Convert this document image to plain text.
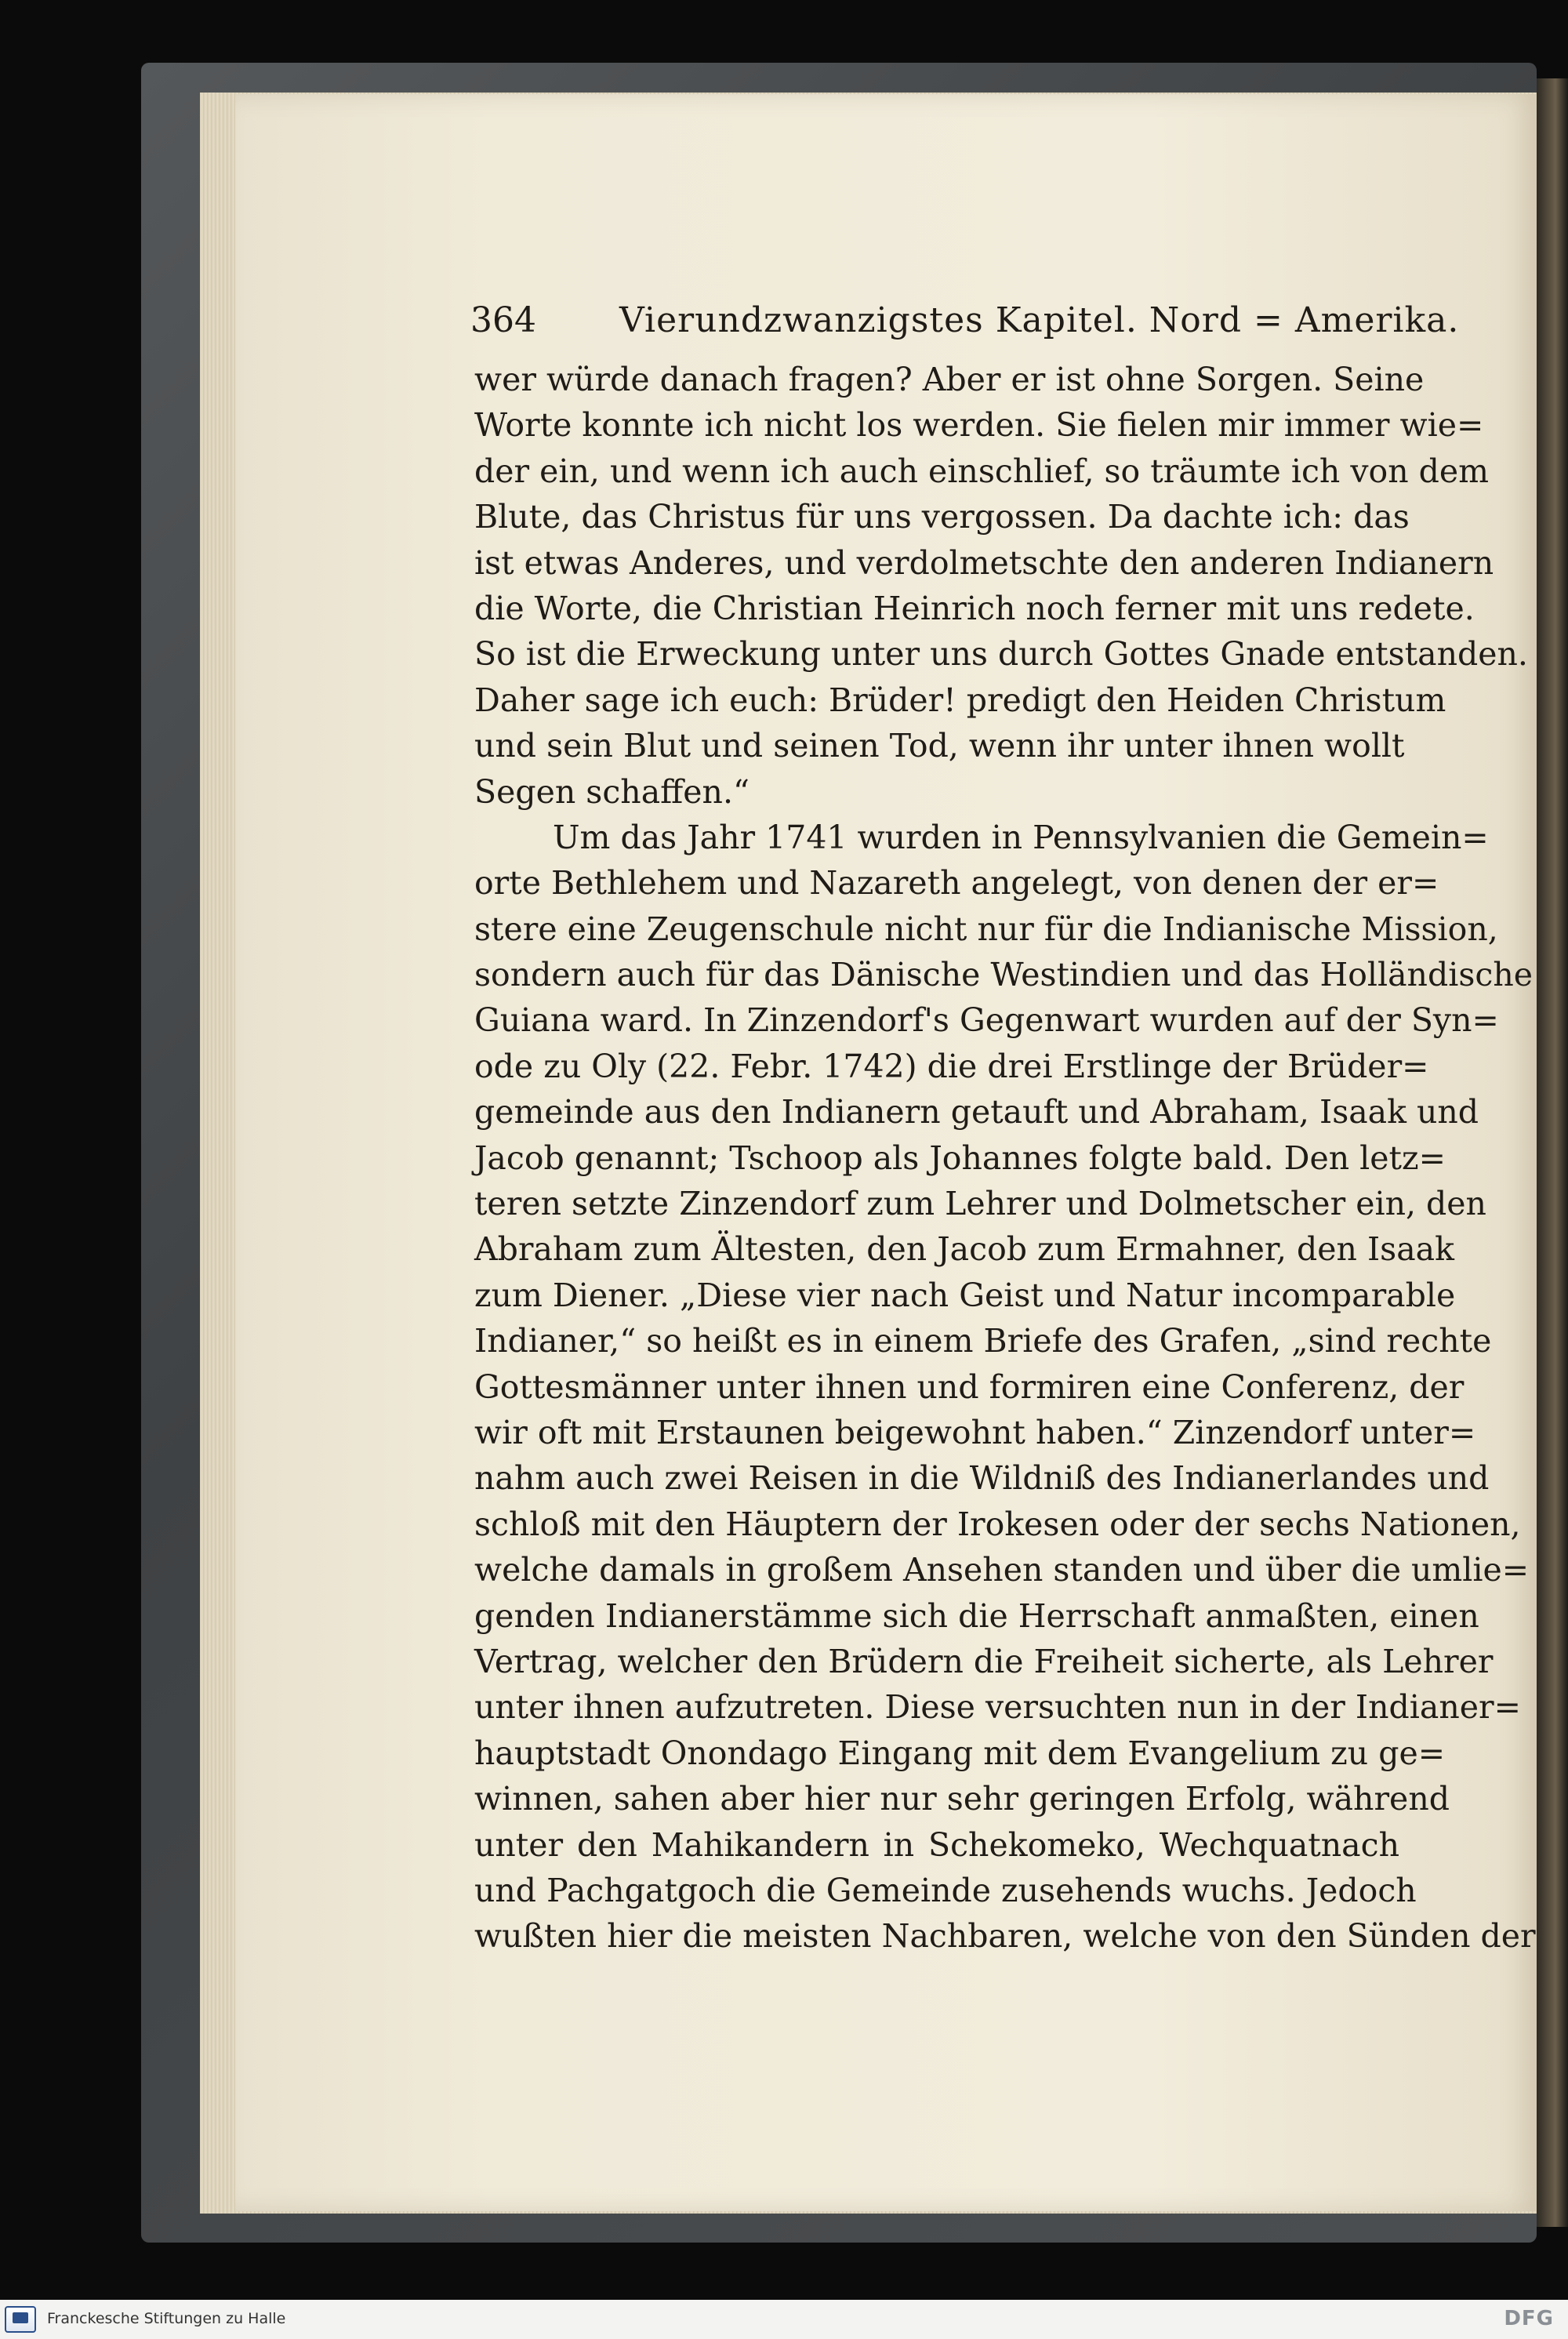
364 Vierundzwanzigstes Kapitel. Nord = Amerika.
wer würde danach fragen? Aber er ist ohne Sorgen. Seine
Worte konnte ich nicht los werden. Sie fielen mir immer wie=
der ein, und wenn ich auch einschlief, so träumte ich von dem
Blute, das Christus für uns vergossen. Da dachte ich: das
ist etwas Anderes, und verdolmetschte den anderen Indianern
die Worte, die Christian Heinrich noch ferner mit uns redete.
So ist die Erweckung unter uns durch Gottes Gnade entstanden.
Daher sage ich euch: Brüder! predigt den Heiden Christum
und sein Blut und seinen Tod, wenn ihr unter ihnen wollt
Segen schaffen.“
Um das Jahr 1741 wurden in Pennsylvanien die Gemein=
orte Bethlehem und Nazareth angelegt, von denen der er=
stere eine Zeugenschule nicht nur für die Indianische Mission,
sondern auch für das Dänische Westindien und das Holländische
Guiana ward. In Zinzendorf's Gegenwart wurden auf der Syn=
ode zu Oly (22. Febr. 1742) die drei Erstlinge der Brüder=
gemeinde aus den Indianern getauft und Abraham, Isaak und
Jacob genannt; Tschoop als Johannes folgte bald. Den letz=
teren setzte Zinzendorf zum Lehrer und Dolmetscher ein, den
Abraham zum Ältesten, den Jacob zum Ermahner, den Isaak
zum Diener. „Diese vier nach Geist und Natur incomparable
Indianer,“ so heißt es in einem Briefe des Grafen, „sind rechte
Gottesmänner unter ihnen und formiren eine Conferenz, der
wir oft mit Erstaunen beigewohnt haben.“ Zinzendorf unter=
nahm auch zwei Reisen in die Wildniß des Indianerlandes und
schloß mit den Häuptern der Irokesen oder der sechs Nationen,
welche damals in großem Ansehen standen und über die umlie=
genden Indianerstämme sich die Herrschaft anmaßten, einen
Vertrag, welcher den Brüdern die Freiheit sicherte, als Lehrer
unter ihnen aufzutreten. Diese versuchten nun in der Indianer=
hauptstadt Onondago Eingang mit dem Evangelium zu ge=
winnen, sahen aber hier nur sehr geringen Erfolg, während
unter den Mahikandern in Schekomeko, Wechquatnach
und Pachgatgoch die Gemeinde zusehends wuchs. Jedoch
wußten hier die meisten Nachbaren, welche von den Sünden der
Franckesche Stiftungen zu Halle	DFG
